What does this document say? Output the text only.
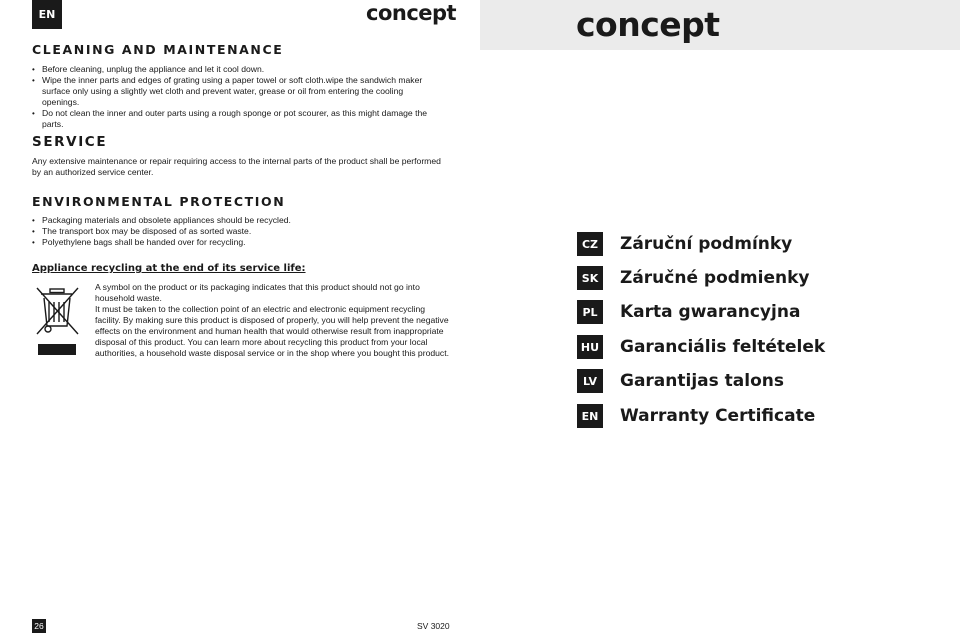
EN	concept	concept
CLEANING AND MAINTENANCE
• Before cleaning, unplug the appliance and let it cool down.
• Wipe the inner parts and edges of grating using a paper towel or soft cloth.wipe the sandwich maker surface only using a slightly wet cloth and prevent water, grease or oil from entering the cooling openings.
• Do not clean the inner and outer parts using a rough sponge or pot scourer, as this might damage the parts.
SERVICE

Any extensive maintenance or repair requiring access to the internal parts of the product shall be performed by an authorized service center.

ENVIRONMENTAL PROTECTION
• Packaging materials and obsolete appliances should be recycled.
• The transport box may be disposed of as sorted waste.
• Polyethylene bags shall be handed over for recycling.
Appliance recycling at the end of its service life:

A symbol on the product or its packaging indicates that this product should not go into household waste.

It must be taken to the collection point of an electric and electronic equipment recycling facility. By making sure this product is disposed of properly, you will help prevent the negative effects on the environment and human health that would otherwise result from inappropriate disposal of this product. You can learn more about recycling this product from your local authorities, a household waste disposal service or in the shop where you bought this product.

CZ Záruční podmínky
SK Záručné podmienky
PL	Karta gwarancyjna
HU Garanciális feltételek
LV	Garantijas talons
EN Warranty Certificate
26	SV 3020
